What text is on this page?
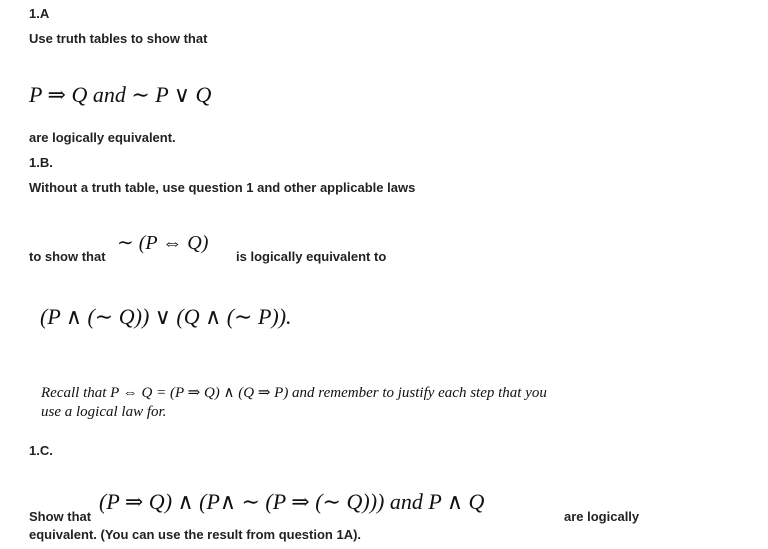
1.A
Use truth tables to show that
P ⇒ Q and ∼ P ∨ Q
are logically equivalent.
1.B.
Without a truth table, use question 1 and other applicable laws
to show that
∼ (P ⇔ Q)
is logically equivalent to
(P ∧ (∼ Q)) ∨ (Q ∧ (∼ P)).
Recall that P ⇔ Q = (P ⇒ Q) ∧ (Q ⇒ P) and remember to justify each step that you
use a logical law for.
1.C.
Show that
(P ⇒ Q) ∧ (P∧ ∼ (P ⇒ (∼ Q))) and P ∧ Q
are logically
equivalent. (You can use the result from question 1A).
